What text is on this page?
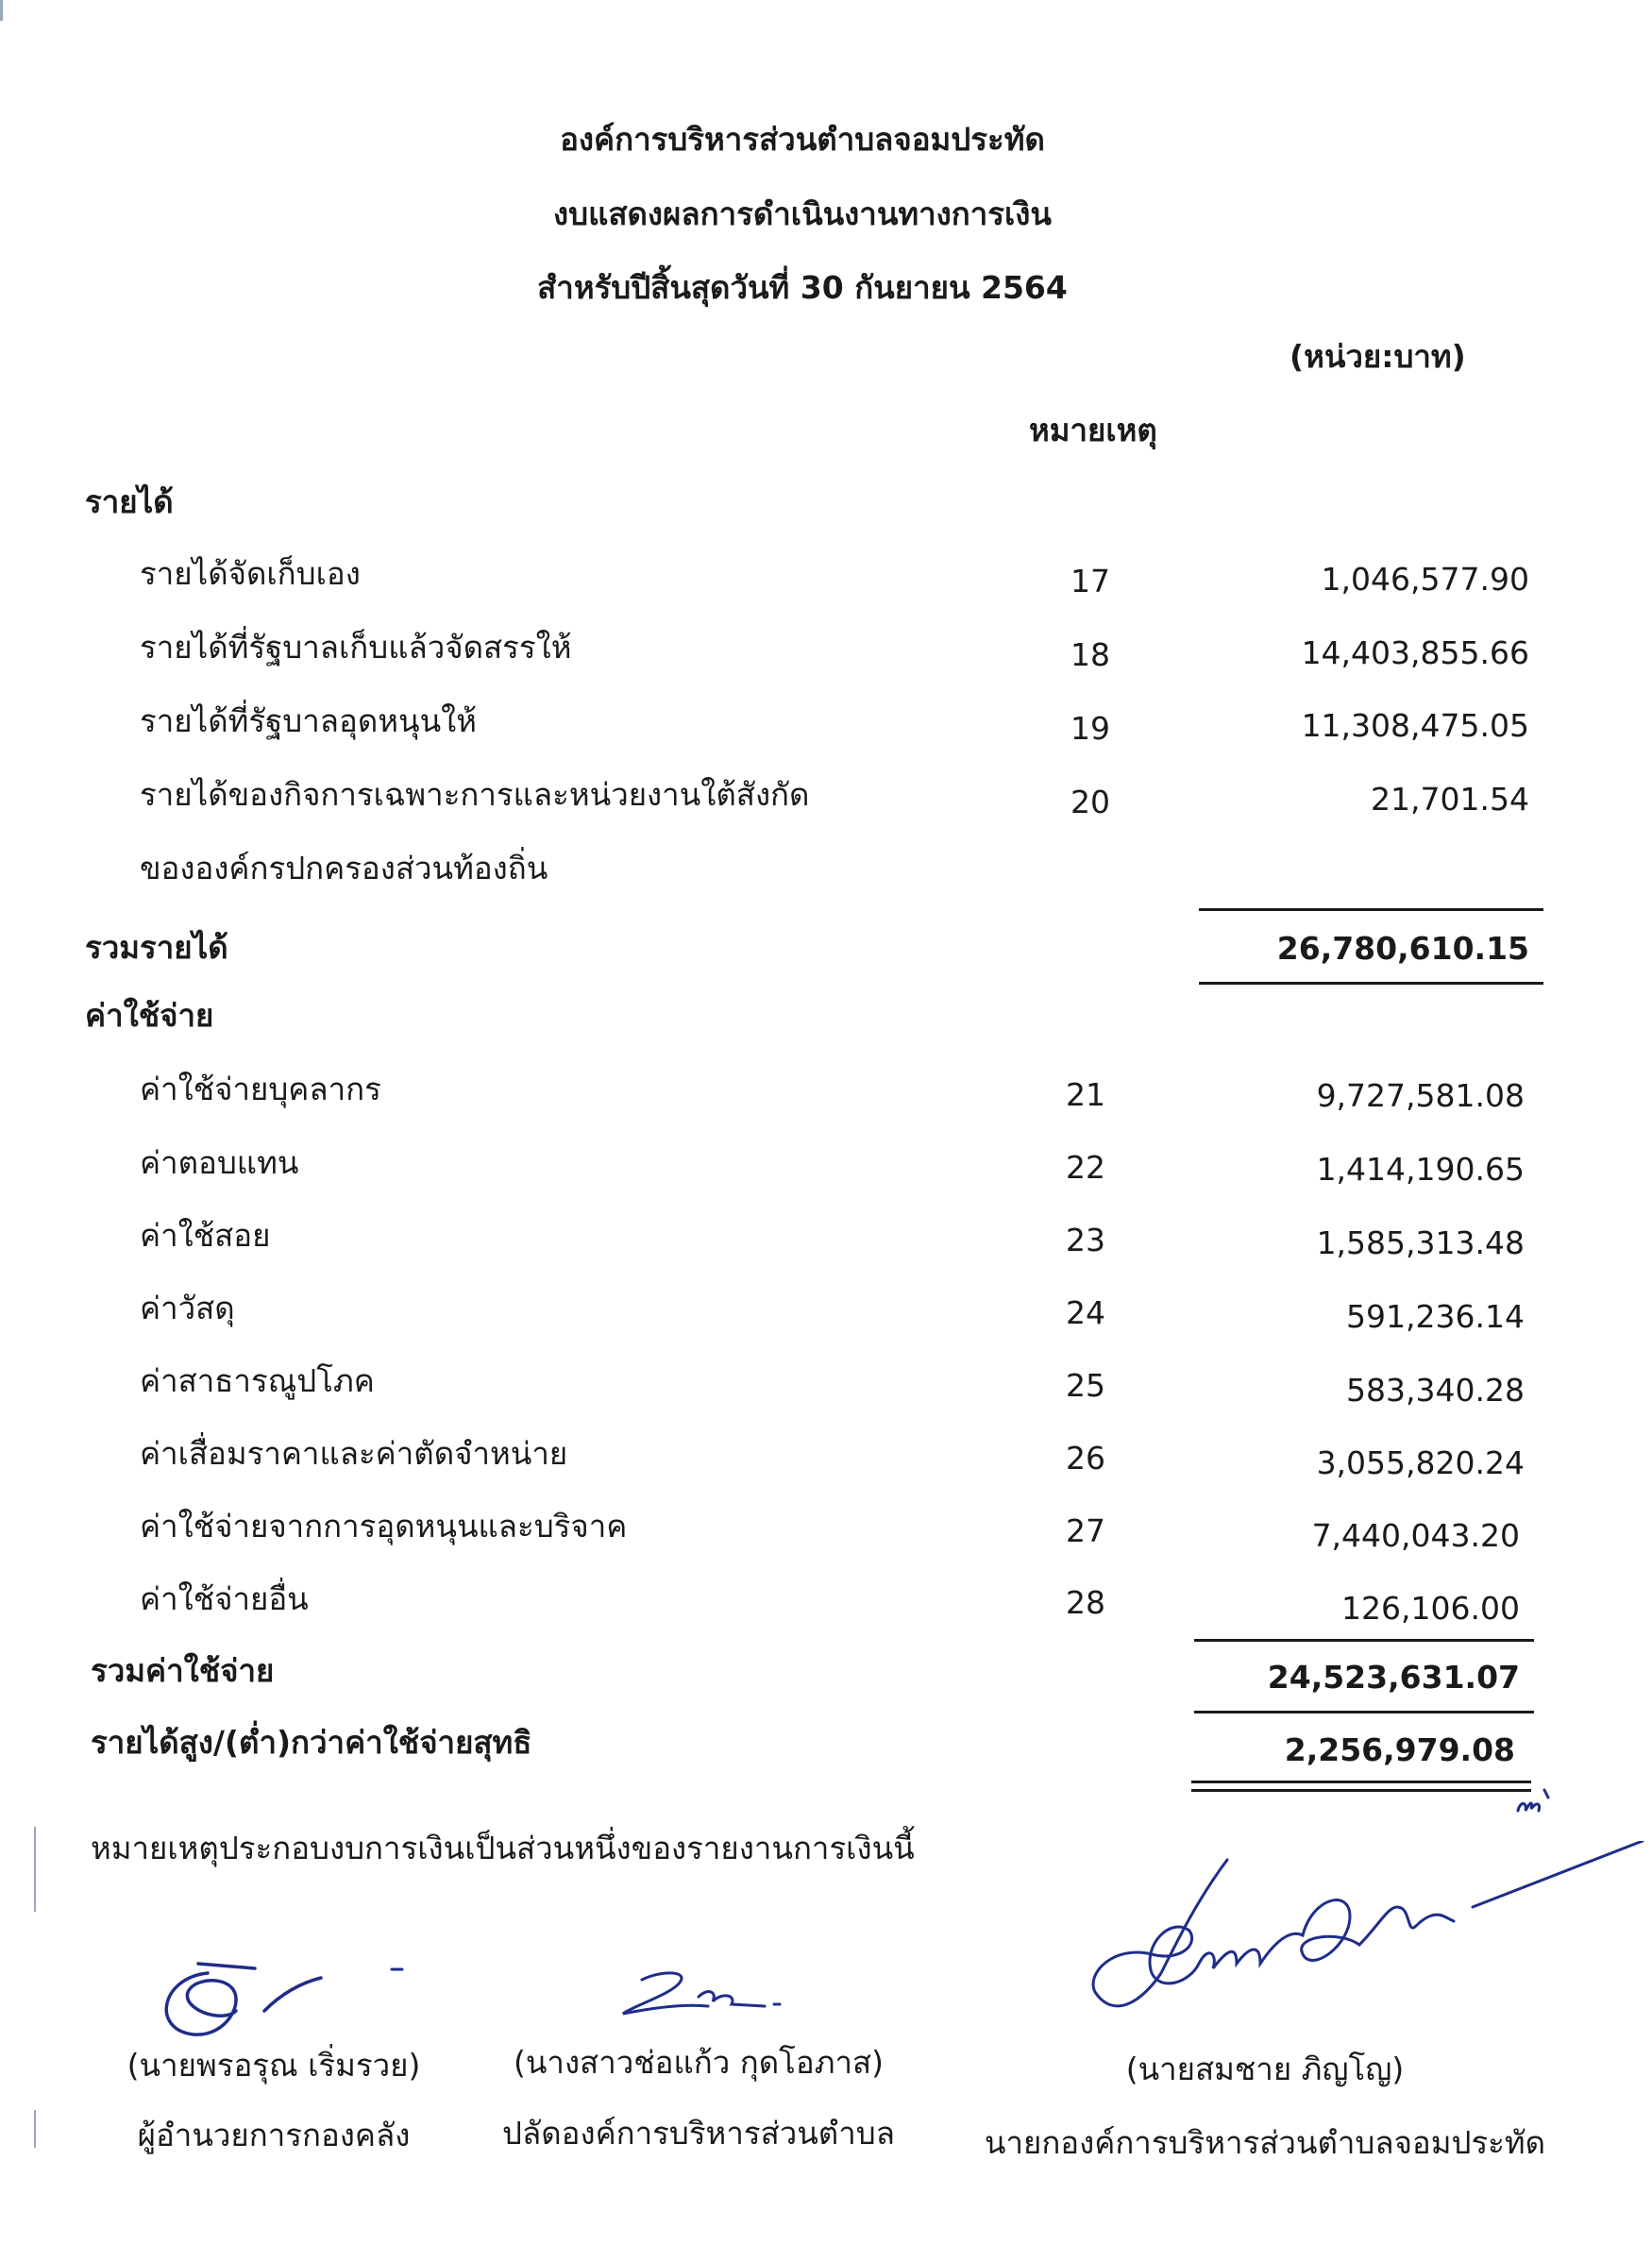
องค์การบริหารส่วนตำบลจอมประทัด
งบแสดงผลการดำเนินงานทางการเงิน
สำหรับปีสิ้นสุดวันที่ 30 กันยายน 2564
(หน่วย:บาท)
หมายเหตุ
รายได้
รายได้จัดเก็บเอง	17	1,046,577.90
รายได้ที่รัฐบาลเก็บแล้วจัดสรรให้	18	14,403,855.66
รายได้ที่รัฐบาลอุดหนุนให้	19	11,308,475.05
รายได้ของกิจการเฉพาะการและหน่วยงานใต้สังกัด	20	21,701.54
ขององค์กรปกครองส่วนท้องถิ่น
รวมรายได้	26,780,610.15
ค่าใช้จ่าย
ค่าใช้จ่ายบุคลากร	21	9,727,581.08
ค่าตอบแทน	22	1,414,190.65
ค่าใช้สอย	23	1,585,313.48
ค่าวัสดุ	24	591,236.14
ค่าสาธารณูปโภค	25	583,340.28
ค่าเสื่อมราคาและค่าตัดจำหน่าย	26	3,055,820.24
ค่าใช้จ่ายจากการอุดหนุนและบริจาค	27	7,440,043.20
ค่าใช้จ่ายอื่น	28	126,106.00
รวมค่าใช้จ่าย	24,523,631.07
รายได้สูง/(ต่ำ)กว่าค่าใช้จ่ายสุทธิ	2,256,979.08
หมายเหตุประกอบงบการเงินเป็นส่วนหนึ่งของรายงานการเงินนี้
(นายพรอรุณ เริ่มรวย)
ผู้อำนวยการกองคลัง
(นางสาวช่อแก้ว กุดโอภาส)
ปลัดองค์การบริหารส่วนตำบล
(นายสมชาย ภิญโญ)
นายกองค์การบริหารส่วนตำบลจอมประทัด
